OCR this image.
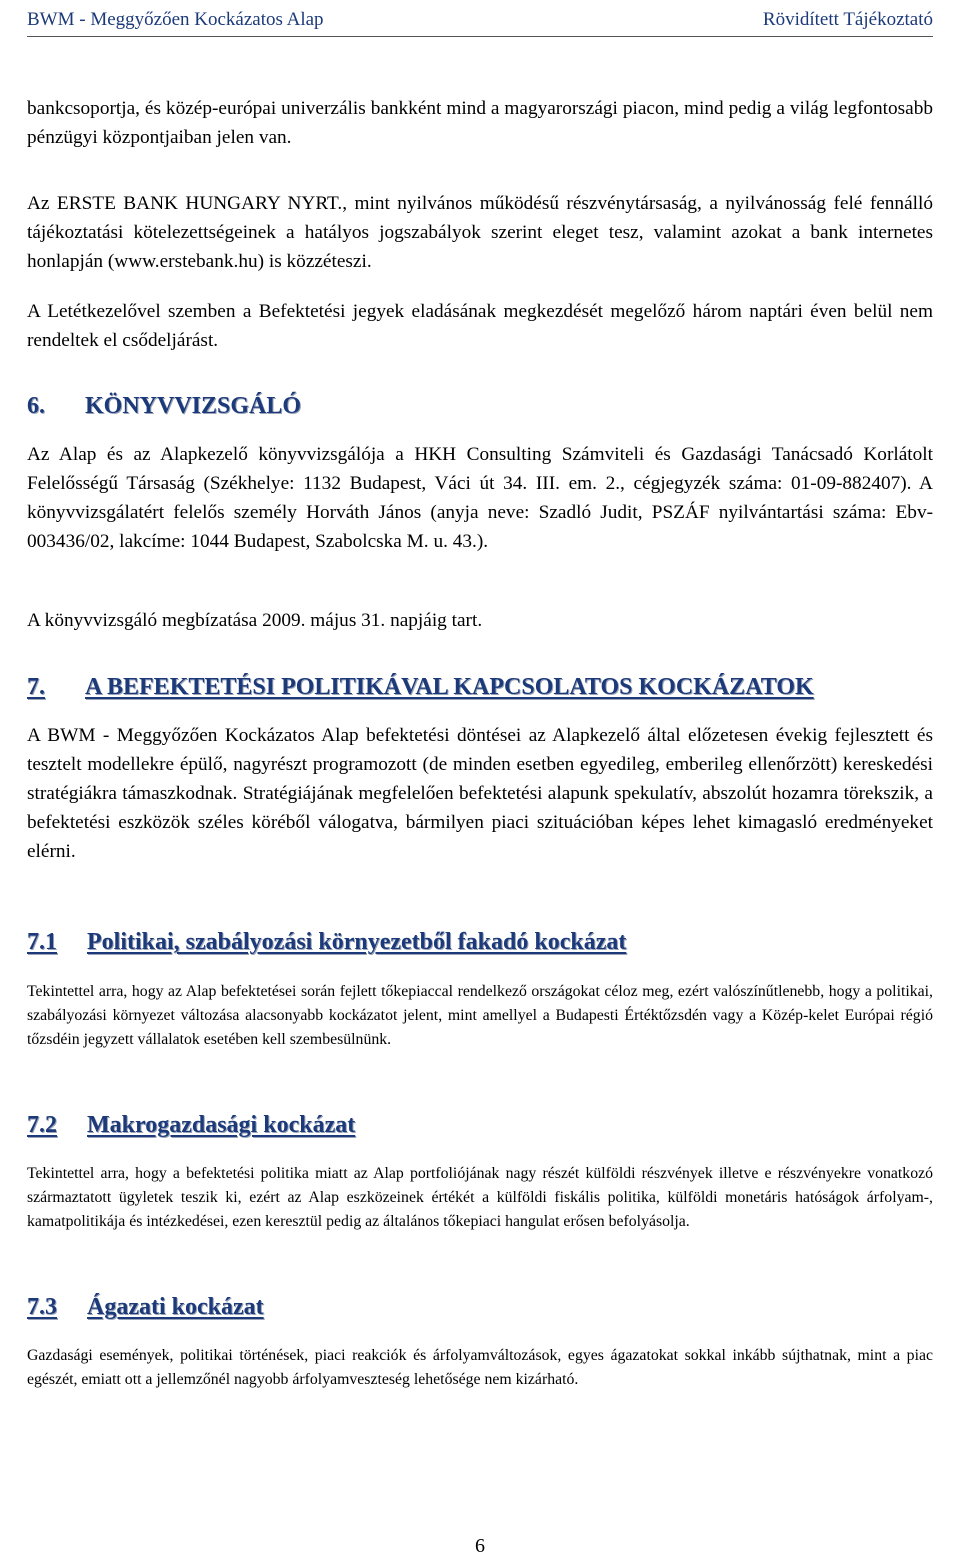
BWM - Meggyőzően Kockázatos Alap	Rövidített Tájékoztató

bankcsoportja, és közép-európai univerzális bankként mind a magyarországi piacon, mind pedig a világ legfontosabb pénzügyi központjaiban jelen van.

Az ERSTE BANK HUNGARY NYRT., mint nyilvános működésű részvénytársaság, a nyilvánosság felé fennálló tájékoztatási kötelezettségeinek a hatályos jogszabályok szerint eleget tesz, valamint azokat a bank internetes honlapján (www.erstebank.hu) is közzéteszi.

A Letétkezelővel szemben a Befektetési jegyek eladásának megkezdését megelőző három naptári éven belül nem rendeltek el csődeljárást.

6.	KÖNYVVIZSGÁLÓ

Az Alap és az Alapkezelő könyvvizsgálója a HKH Consulting Számviteli és Gazdasági Tanácsadó Korlátolt Felelősségű Társaság (Székhelye: 1132 Budapest, Váci út 34. III. em. 2., cégjegyzék száma: 01-09-882407). A könyvvizsgálatért felelős személy Horváth János (anyja neve: Szadló Judit, PSZÁF nyilvántartási száma: Ebv-003436/02, lakcíme: 1044 Budapest, Szabolcska M. u. 43.).

A könyvvizsgáló megbízatása 2009. május 31. napjáig tart.

7.	A BEFEKTETÉSI POLITIKÁVAL KAPCSOLATOS KOCKÁZATOK

A BWM - Meggyőzően Kockázatos Alap befektetési döntései az Alapkezelő által előzetesen évekig fejlesztett és tesztelt modellekre épülő, nagyrészt programozott (de minden esetben egyedileg, emberileg ellenőrzött) kereskedési stratégiákra támaszkodnak. Stratégiájának megfelelően befektetési alapunk spekulatív, abszolút hozamra törekszik, a befektetési eszközök széles köréből válogatva, bármilyen piaci szituációban képes lehet kimagasló eredményeket elérni.

7.1	Politikai, szabályozási környezetből fakadó kockázat

Tekintettel arra, hogy az Alap befektetései során fejlett tőkepiaccal rendelkező országokat céloz meg, ezért valószínűtlenebb, hogy a politikai, szabályozási környezet változása alacsonyabb kockázatot jelent, mint amellyel a Budapesti Értéktőzsdén vagy a Közép-kelet Európai régió tőzsdéin jegyzett vállalatok esetében kell szembesülnünk.

7.2	Makrogazdasági kockázat

Tekintettel arra, hogy a befektetési politika miatt az Alap portfoliójának nagy részét külföldi részvények illetve e részvényekre vonatkozó származtatott ügyletek teszik ki, ezért az Alap eszközeinek értékét a külföldi fiskális politika, külföldi monetáris hatóságok árfolyam-, kamatpolitikája és intézkedései, ezen keresztül pedig az általános tőkepiaci hangulat erősen befolyásolja.

7.3	Ágazati kockázat

Gazdasági események, politikai történések, piaci reakciók és árfolyamváltozások, egyes ágazatokat sokkal inkább sújthatnak, mint a piac egészét, emiatt ott a jellemzőnél nagyobb árfolyamveszteség lehetősége nem kizárható.

6
